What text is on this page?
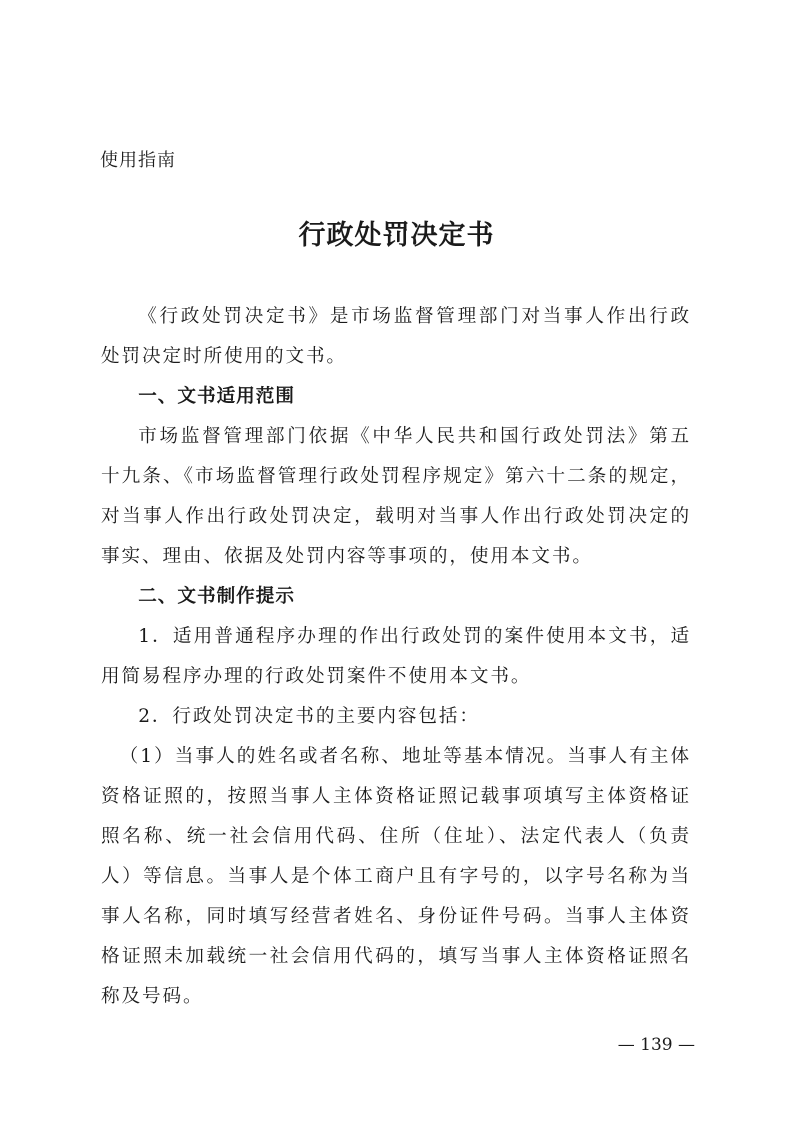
使用指南
行政处罚决定书

《行政处罚决定书》是市场监督管理部门对当事人作出行政处罚决定时所使用的文书。

一、文书适用范围

市场监督管理部门依据《中华人民共和国行政处罚法》第五十九条、《市场监督管理行政处罚程序规定》第六十二条的规定，对当事人作出行政处罚决定，载明对当事人作出行政处罚决定的事实、理由、依据及处罚内容等事项的，使用本文书。

二、文书制作提示

1．适用普通程序办理的作出行政处罚的案件使用本文书，适用简易程序办理的行政处罚案件不使用本文书。

2．行政处罚决定书的主要内容包括：

（1）当事人的姓名或者名称、地址等基本情况。当事人有主体资格证照的，按照当事人主体资格证照记载事项填写主体资格证照名称、统一社会信用代码、住所（住址）、法定代表人（负责人）等信息。当事人是个体工商户且有字号的，以字号名称为当事人名称，同时填写经营者姓名、身份证件号码。当事人主体资格证照未加载统一社会信用代码的，填写当事人主体资格证照名称及号码。

— 139 —
